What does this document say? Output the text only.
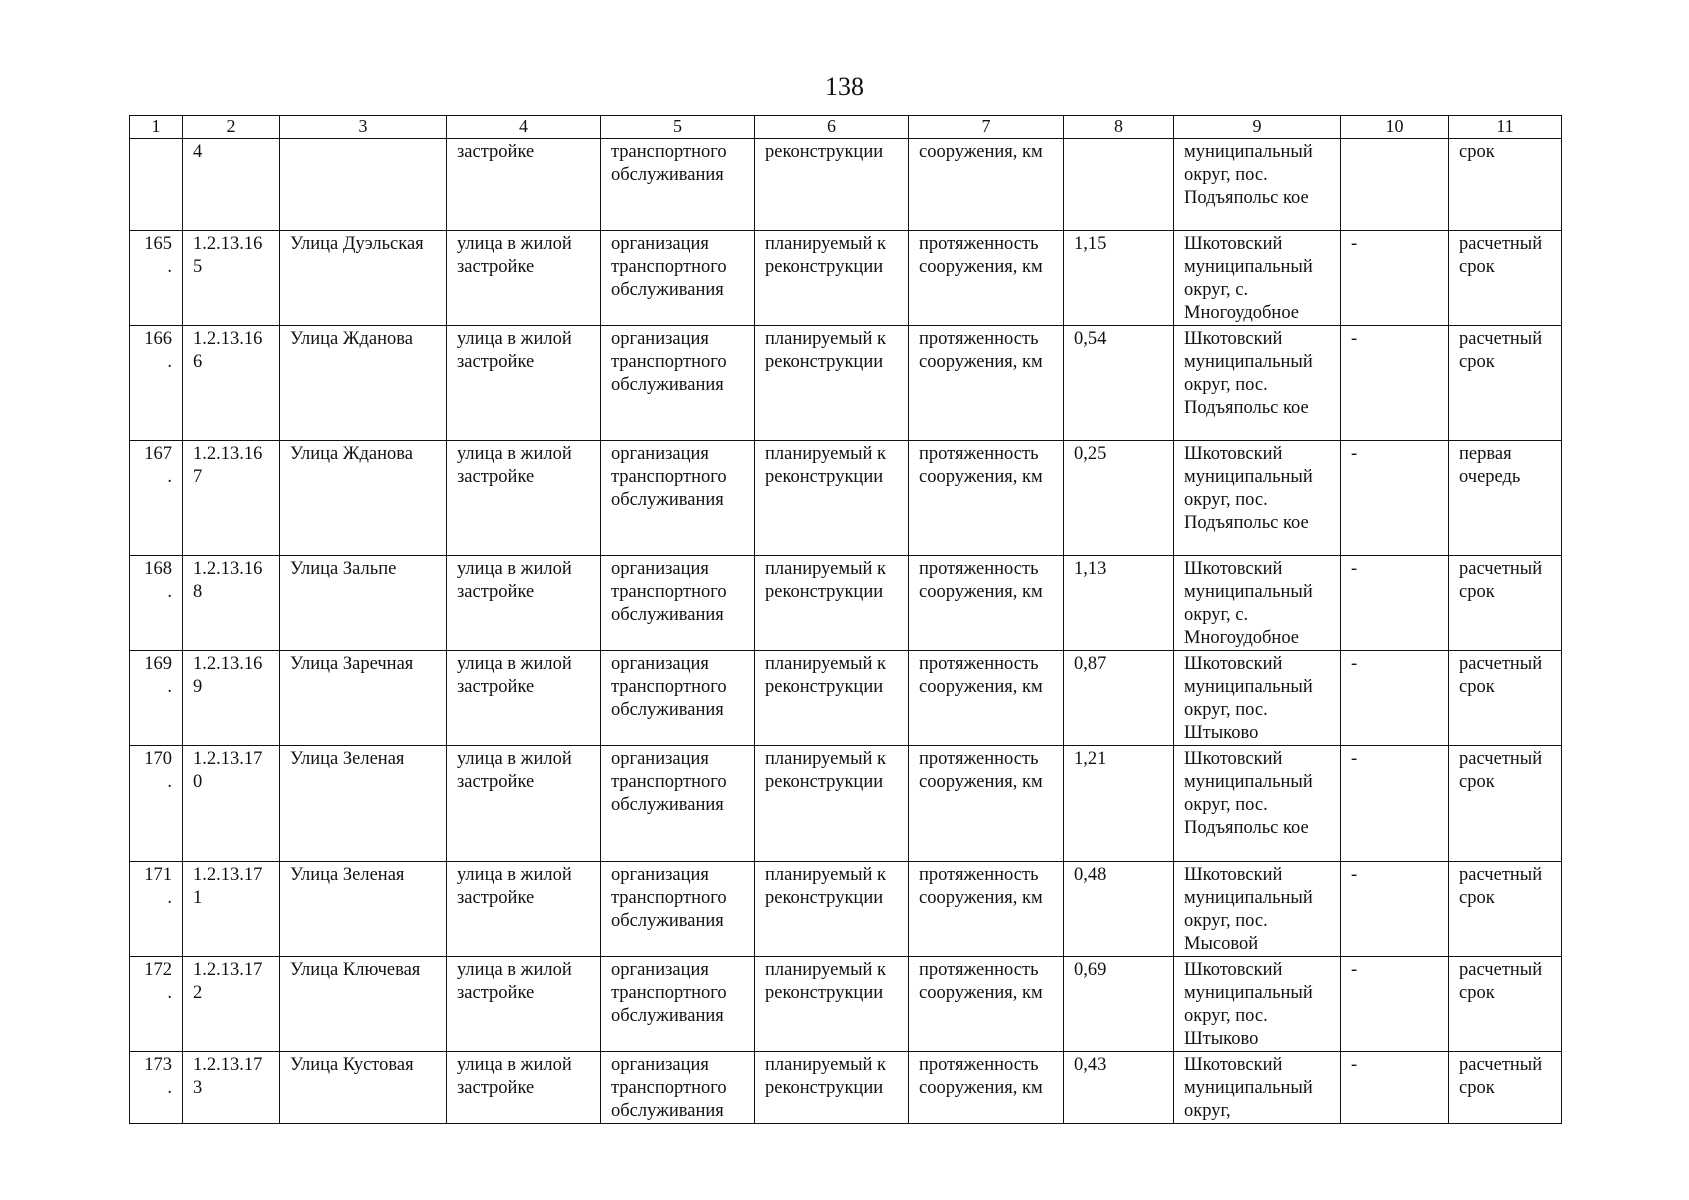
138
1	2	3	4	5	6	7	8	9	10	11
	4		застройке	транспортного обслуживания	реконструкции	сооружения, км		муниципальный округ, пос. Подъяпольс кое		срок
165.	1.2.13.16 5	Улица Дуэльская	улица в жилой застройке	организация транспортного обслуживания	планируемый к реконструкции	протяженность сооружения, км	1,15	Шкотовский муниципальный округ, с. Многоудобное	-	расчетный срок
166.	1.2.13.16 6	Улица Жданова	улица в жилой застройке	организация транспортного обслуживания	планируемый к реконструкции	протяженность сооружения, км	0,54	Шкотовский муниципальный округ, пос. Подъяпольс кое	-	расчетный срок
167.	1.2.13.16 7	Улица Жданова	улица в жилой застройке	организация транспортного обслуживания	планируемый к реконструкции	протяженность сооружения, км	0,25	Шкотовский муниципальный округ, пос. Подъяпольс кое	-	первая очередь
168.	1.2.13.16 8	Улица Зальпе	улица в жилой застройке	организация транспортного обслуживания	планируемый к реконструкции	протяженность сооружения, км	1,13	Шкотовский муниципальный округ, с. Многоудобное	-	расчетный срок
169.	1.2.13.16 9	Улица Заречная	улица в жилой застройке	организация транспортного обслуживания	планируемый к реконструкции	протяженность сооружения, км	0,87	Шкотовский муниципальный округ, пос. Штыково	-	расчетный срок
170.	1.2.13.17 0	Улица Зеленая	улица в жилой застройке	организация транспортного обслуживания	планируемый к реконструкции	протяженность сооружения, км	1,21	Шкотовский муниципальный округ, пос. Подъяпольс кое	-	расчетный срок
171.	1.2.13.17 1	Улица Зеленая	улица в жилой застройке	организация транспортного обслуживания	планируемый к реконструкции	протяженность сооружения, км	0,48	Шкотовский муниципальный округ, пос. Мысовой	-	расчетный срок
172.	1.2.13.17 2	Улица Ключевая	улица в жилой застройке	организация транспортного обслуживания	планируемый к реконструкции	протяженность сооружения, км	0,69	Шкотовский муниципальный округ, пос. Штыково	-	расчетный срок
173.	1.2.13.17 3	Улица Кустовая	улица в жилой застройке	организация транспортного обслуживания	планируемый к реконструкции	протяженность сооружения, км	0,43	Шкотовский муниципальный округ,	-	расчетный срок
